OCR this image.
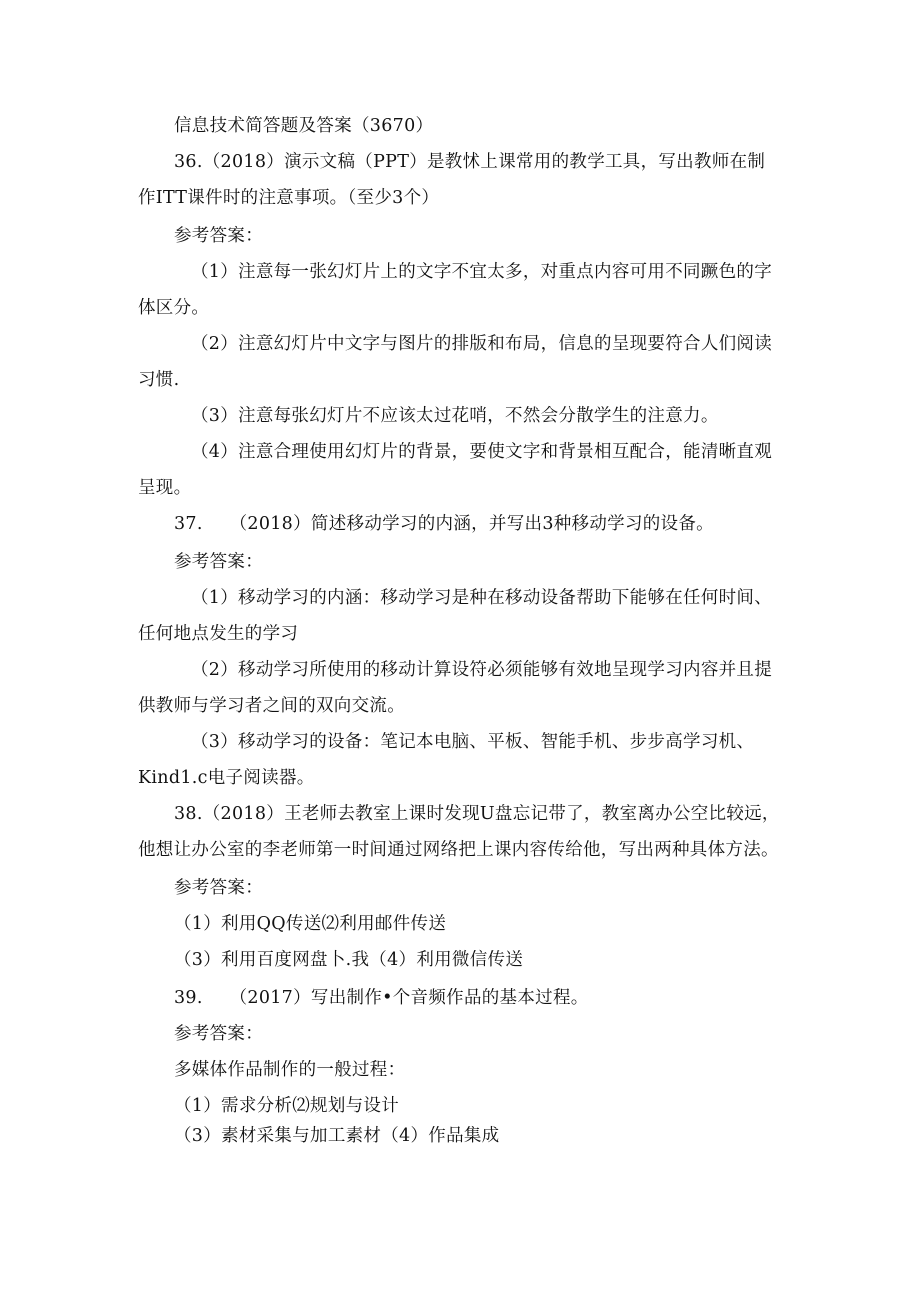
信息技术简答题及答案（3670）
36.（2018）演示文稿（PPT）是教怵上课常用的教学工具，写出教师在制
作ITT课件时的注意事项。（至少3个）
参考答案：
（1）注意每一张幻灯片上的文字不宜太多，对重点内容可用不同蹶色的字
体区分。
（2）注意幻灯片中文字与图片的排版和布局，信息的呈现要符合人们阅读
习惯.
（3）注意每张幻灯片不应该太过花哨，不然会分散学生的注意力。
（4）注意合理使用幻灯片的背景，要使文字和背景相互配合，能清晰直观
呈现。
37.　　（2018）简述移动学习的内涵，并写出3种移动学习的设备。
参考答案：
（1）移动学习的内涵：移动学习是种在移动设备帮助下能够在任何时间、
任何地点发生的学习
（2）移动学习所使用的移动计算设符必须能够有效地呈现学习内容并且提
供教师与学习者之间的双向交流。
（3）移动学习的设备：笔记本电脑、平板、智能手机、步步高学习机、
Kind1.c电子阅读器。
38.（2018）王老师去教室上课时发现U盘忘记带了，教室离办公空比较远，
他想让办公室的李老师第一时间通过网络把上课内容传给他，写出两种具体方法。
参考答案：
（1）利用QQ传送⑵利用邮件传送
（3）利用百度网盘卜.我（4）利用微信传送
39.　　（2017）写出制作•个音频作品的基本过程。
参考答案：
多媒体作品制作的一般过程：
（1）需求分析⑵规划与设计
（3）素材采集与加工素材（4）作品集成
